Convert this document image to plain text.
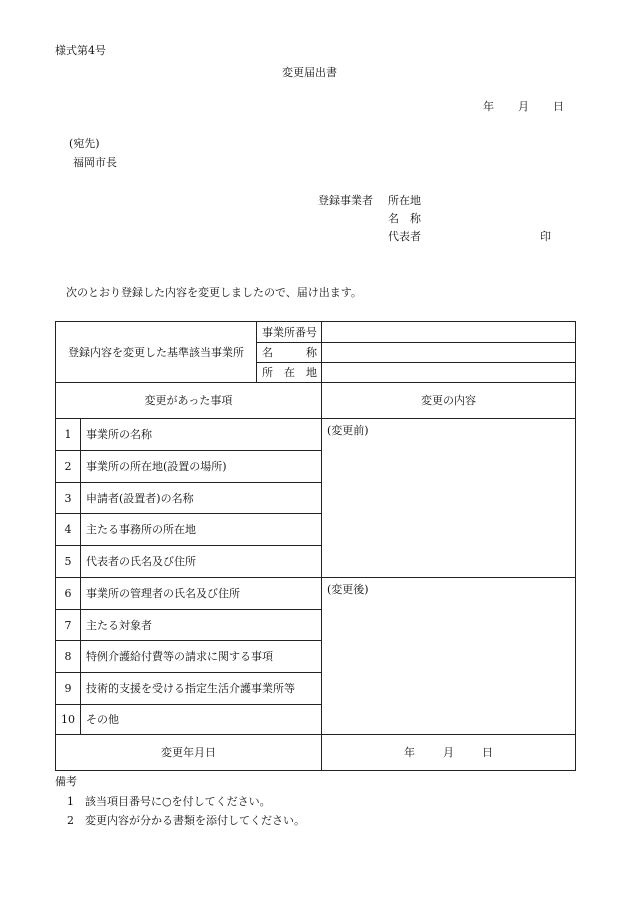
様式第4号
変更届出書
年 月 日
(宛先)
福岡市長
登録事業者 所在地
名　称
代表者	印
次のとおり登録した内容を変更しましたので、届け出ます。
登録内容を変更した基準該当事業所		事業所番号	
		名　　　称	
		所　在　地	
変更があった事項			変更の内容
1	事業所の名称		(変更前)
2	事業所の所在地(設置の場所)		
3	申請者(設置者)の名称		
4	主たる事務所の所在地		
5	代表者の氏名及び住所		
6	事業所の管理者の氏名及び住所		(変更後)
7	主たる対象者		
8	特例介護給付費等の請求に関する事項		
9	技術的支援を受ける指定生活介護事業所等		
10	その他		
変更年月日			年 月 日
備考
1 該当項目番号に○を付してください。
2 変更内容が分かる書類を添付してください。
